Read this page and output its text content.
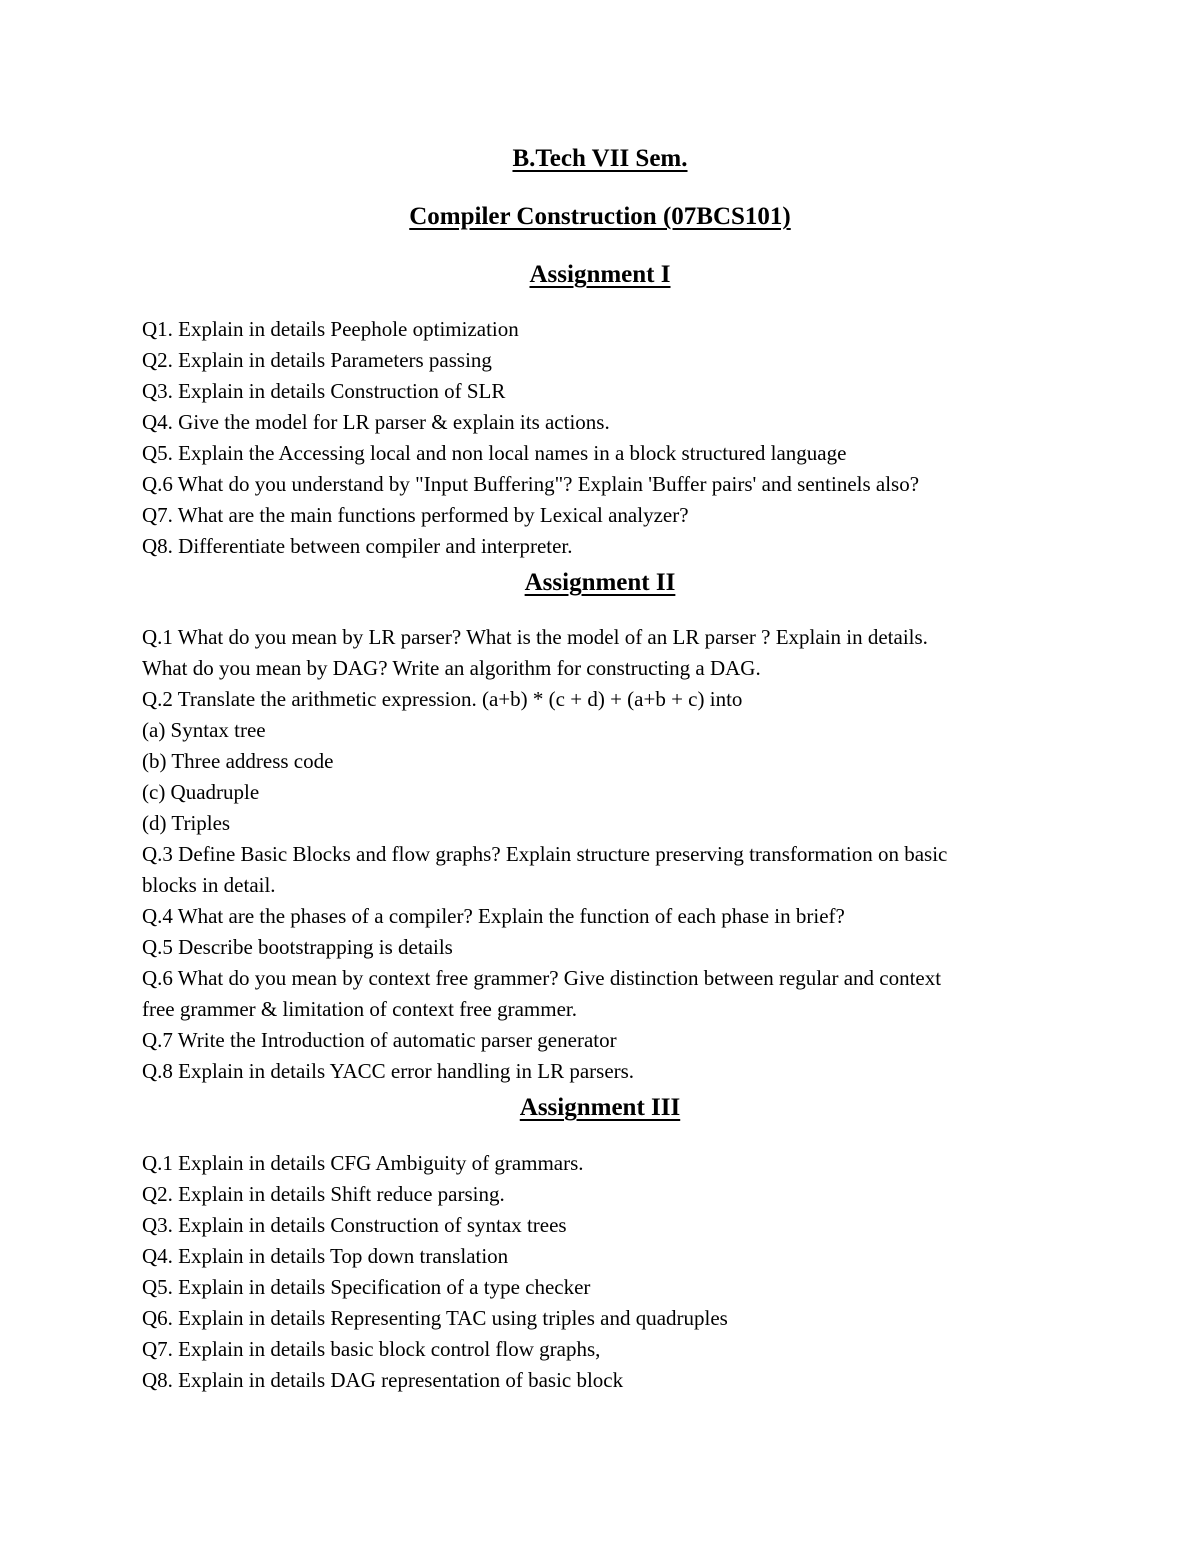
B.Tech VII Sem.
Compiler Construction (07BCS101)
Assignment I
Q1. Explain in details Peephole optimization
Q2. Explain in details Parameters passing
Q3. Explain in details Construction of SLR
Q4. Give the model for LR parser & explain its actions.
Q5. Explain the Accessing local and non local names in a block structured language
Q.6 What do you understand by "Input Buffering"? Explain 'Buffer pairs' and sentinels also?
Q7. What are the main functions performed by Lexical analyzer?
Q8. Differentiate between compiler and interpreter.
Assignment II
Q.1 What do you mean by LR parser? What is the model of an LR parser ? Explain in details.
What do you mean by DAG? Write an algorithm for constructing a DAG.
Q.2 Translate the arithmetic expression. (a+b) * (c + d) + (a+b + c) into
(a) Syntax tree
(b) Three address code
(c) Quadruple
(d) Triples
Q.3 Define Basic Blocks and flow graphs? Explain structure preserving transformation on basic
blocks in detail.
Q.4 What are the phases of a compiler? Explain the function of each phase in brief?
Q.5 Describe bootstrapping is details
Q.6 What do you mean by context free grammer? Give distinction between regular and context
free grammer & limitation of context free grammer.
Q.7 Write the Introduction of automatic parser generator
Q.8 Explain in details YACC error handling in LR parsers.
Assignment III
Q.1 Explain in details CFG Ambiguity of grammars.
Q2. Explain in details Shift reduce parsing.
Q3. Explain in details Construction of syntax trees
Q4. Explain in details Top down translation
Q5. Explain in details Specification of a type checker
Q6. Explain in details Representing TAC using triples and quadruples
Q7. Explain in details basic block control flow graphs,
Q8. Explain in details DAG representation of basic block
